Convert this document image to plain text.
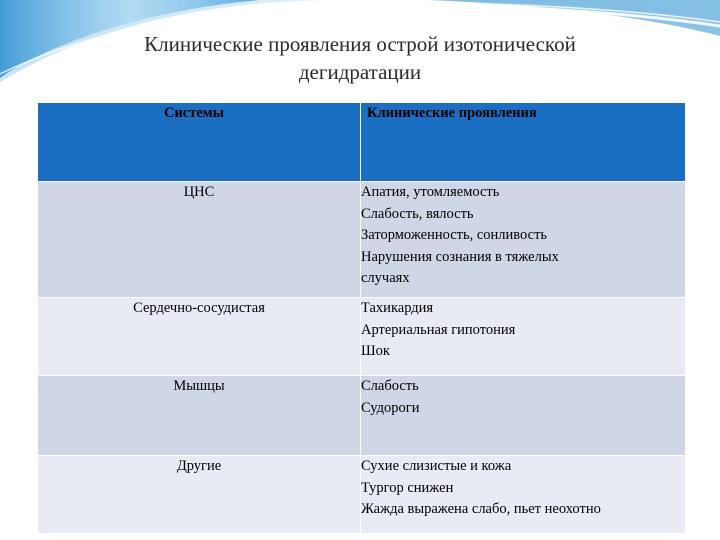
Клинические проявления острой изотонической
дегидратации
Системы	Клинические проявления
ЦНС	Апатия, утомляемость
Слабость, вялость
Заторможенность, сонливость
Нарушения сознания в тяжелых
случаях

Сердечно-сосудистая	Тахикардия
Артериальная гипотония
Шок

Мышцы	Слабость
Судороги

Другие	Сухие слизистые и кожа
Тургор снижен
Жажда выражена слабо, пьет неохотно
